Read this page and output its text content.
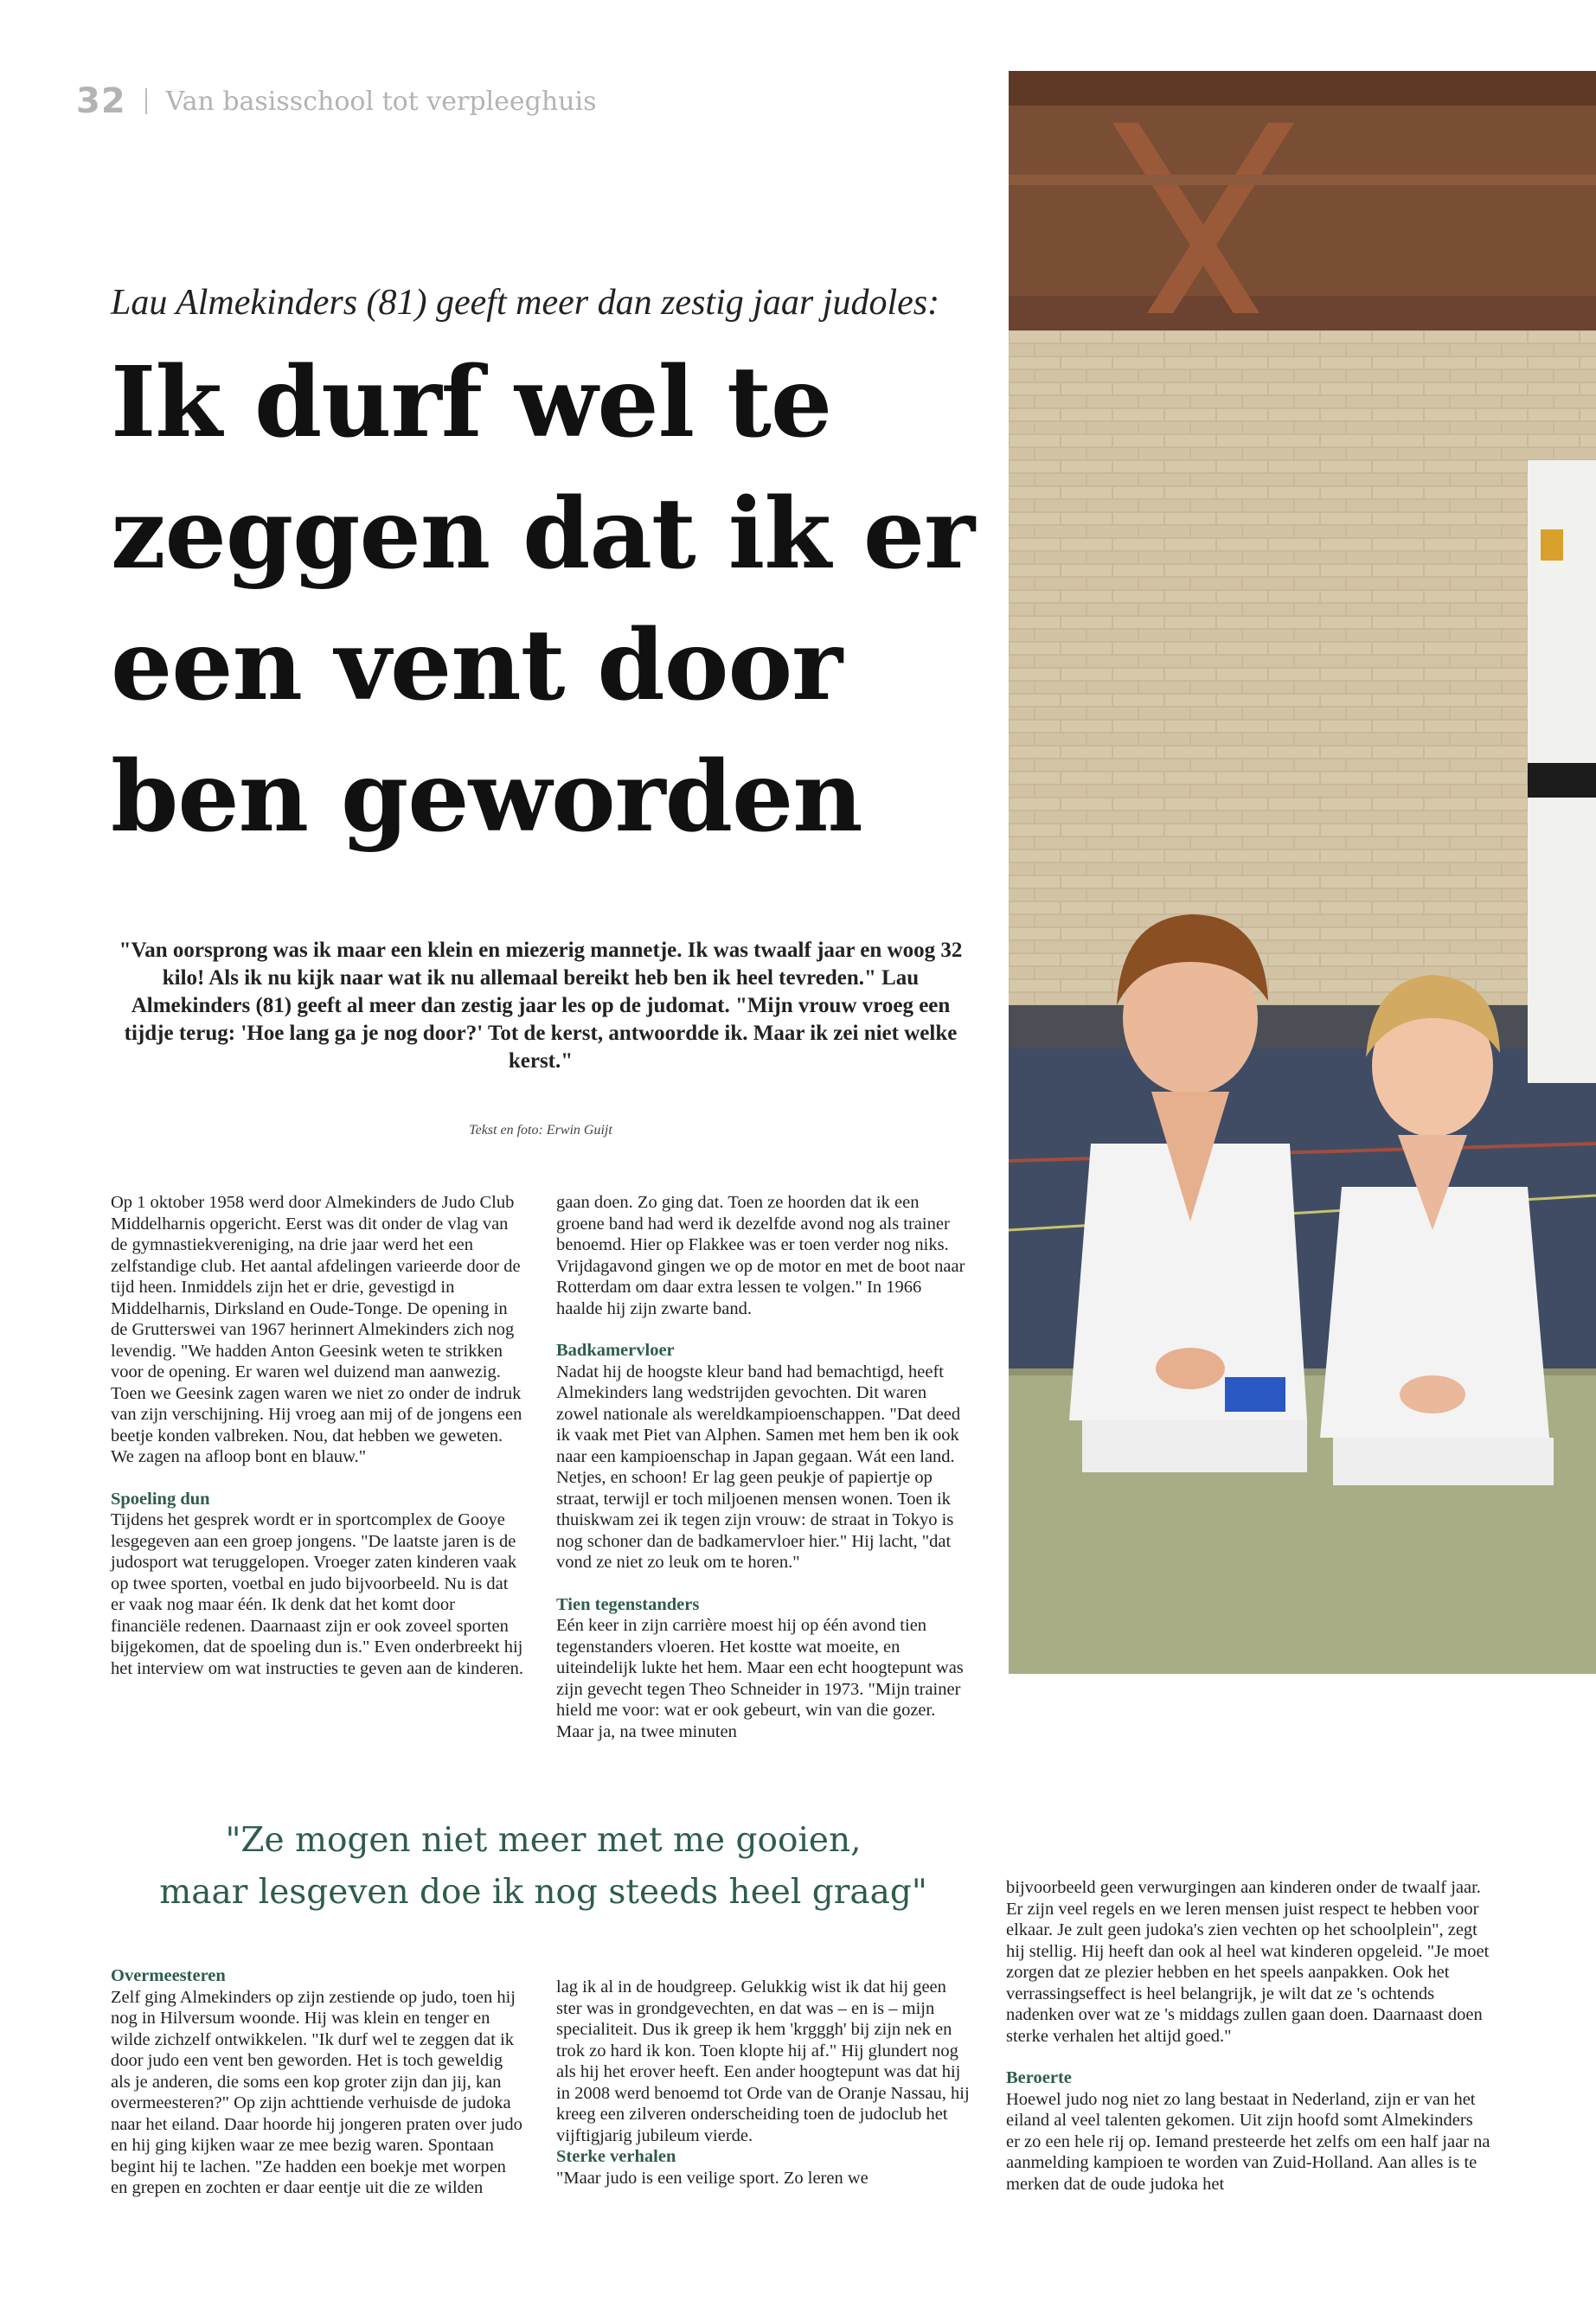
32 Van basisschool tot verpleeghuis
Lau Almekinders (81) geeft meer dan zestig jaar judoles:
Ik durf wel te zeggen dat ik er een vent door ben geworden

"Van oorsprong was ik maar een klein en miezerig mannetje. Ik was twaalf jaar en woog 32 kilo! Als ik nu kijk naar wat ik nu allemaal bereikt heb ben ik heel tevreden." Lau Almekinders (81) geeft al meer dan zestig jaar les op de judomat. "Mijn vrouw vroeg een tijdje terug: 'Hoe lang ga je nog door?' Tot de kerst, antwoordde ik. Maar ik zei niet welke kerst."

Tekst en foto: Erwin Guijt

Op 1 oktober 1958 werd door Almekinders de Judo Club Middelharnis opgericht. Eerst was dit onder de vlag van de gymnastiekvereniging, na drie jaar werd het een zelfstandige club. Het aantal afdelingen varieerde door de tijd heen. Inmiddels zijn het er drie, gevestigd in Middelharnis, Dirksland en Oude-Tonge. De opening in de Grutterswei van 1967 herinnert Almekinders zich nog levendig. "We hadden Anton Geesink weten te strikken voor de opening. Er waren wel duizend man aanwezig. Toen we Geesink zagen waren we niet zo onder de indruk van zijn verschijning. Hij vroeg aan mij of de jongens een beetje konden valbreken. Nou, dat hebben we geweten. We zagen na afloop bont en blauw."

Spoeling dun

Tijdens het gesprek wordt er in sportcomplex de Gooye lesgegeven aan een groep jongens. "De laatste jaren is de judosport wat teruggelopen. Vroeger zaten kinderen vaak op twee sporten, voetbal en judo bijvoorbeeld. Nu is dat er vaak nog maar één. Ik denk dat het komt door financiële redenen. Daarnaast zijn er ook zoveel sporten bijgekomen, dat de spoeling dun is." Even onderbreekt hij het interview om wat instructies te geven aan de kinderen.

gaan doen. Zo ging dat. Toen ze hoorden dat ik een groene band had werd ik dezelfde avond nog als trainer benoemd. Hier op Flakkee was er toen verder nog niks. Vrijdagavond gingen we op de motor en met de boot naar Rotterdam om daar extra lessen te volgen." In 1966 haalde hij zijn zwarte band.

Badkamervloer

Nadat hij de hoogste kleur band had bemachtigd, heeft Almekinders lang wedstrijden gevochten. Dit waren zowel nationale als wereldkampioenschappen. "Dat deed ik vaak met Piet van Alphen. Samen met hem ben ik ook naar een kampioenschap in Japan gegaan. Wát een land. Netjes, en schoon! Er lag geen peukje of papiertje op straat, terwijl er toch miljoenen mensen wonen. Toen ik thuiskwam zei ik tegen zijn vrouw: de straat in Tokyo is nog schoner dan de badkamervloer hier." Hij lacht, "dat vond ze niet zo leuk om te horen."

Tien tegenstanders

Eén keer in zijn carrière moest hij op één avond tien tegenstanders vloeren. Het kostte wat moeite, en uiteindelijk lukte het hem. Maar een echt hoogtepunt was zijn gevecht tegen Theo Schneider in 1973. "Mijn trainer hield me voor: wat er ook gebeurt, win van die gozer. Maar ja, na twee minuten

"Ze mogen niet meer met me gooien,
maar lesgeven doe ik nog steeds heel graag"
Overmeesteren

Zelf ging Almekinders op zijn zestiende op judo, toen hij nog in Hilversum woonde. Hij was klein en tenger en wilde zichzelf ontwikkelen. "Ik durf wel te zeggen dat ik door judo een vent ben geworden. Het is toch geweldig als je anderen, die soms een kop groter zijn dan jij, kan overmeesteren?" Op zijn achttiende verhuisde de judoka naar het eiland. Daar hoorde hij jongeren praten over judo en hij ging kijken waar ze mee bezig waren. Spontaan begint hij te lachen. "Ze hadden een boekje met worpen en grepen en zochten er daar eentje uit die ze wilden

lag ik al in de houdgreep. Gelukkig wist ik dat hij geen ster was in grondgevechten, en dat was – en is – mijn specialiteit. Dus ik greep ik hem 'krgggh' bij zijn nek en trok zo hard ik kon. Toen klopte hij af." Hij glundert nog als hij het erover heeft. Een ander hoogtepunt was dat hij in 2008 werd benoemd tot Orde van de Oranje Nassau, hij kreeg een zilveren onderscheiding toen de judoclub het vijftigjarig jubileum vierde.

Sterke verhalen

"Maar judo is een veilige sport. Zo leren we

bijvoorbeeld geen verwurgingen aan kinderen onder de twaalf jaar. Er zijn veel regels en we leren mensen juist respect te hebben voor elkaar. Je zult geen judoka's zien vechten op het schoolplein", zegt hij stellig. Hij heeft dan ook al heel wat kinderen opgeleid. "Je moet zorgen dat ze plezier hebben en het speels aanpakken. Ook het verrassingseffect is heel belangrijk, je wilt dat ze 's ochtends nadenken over wat ze 's middags zullen gaan doen. Daarnaast doen sterke verhalen het altijd goed."

Beroerte

Hoewel judo nog niet zo lang bestaat in Nederland, zijn er van het eiland al veel talenten gekomen. Uit zijn hoofd somt Almekinders er zo een hele rij op. Iemand presteerde het zelfs om een half jaar na aanmelding kampioen te worden van Zuid-Holland. Aan alles is te merken dat de oude judoka het
